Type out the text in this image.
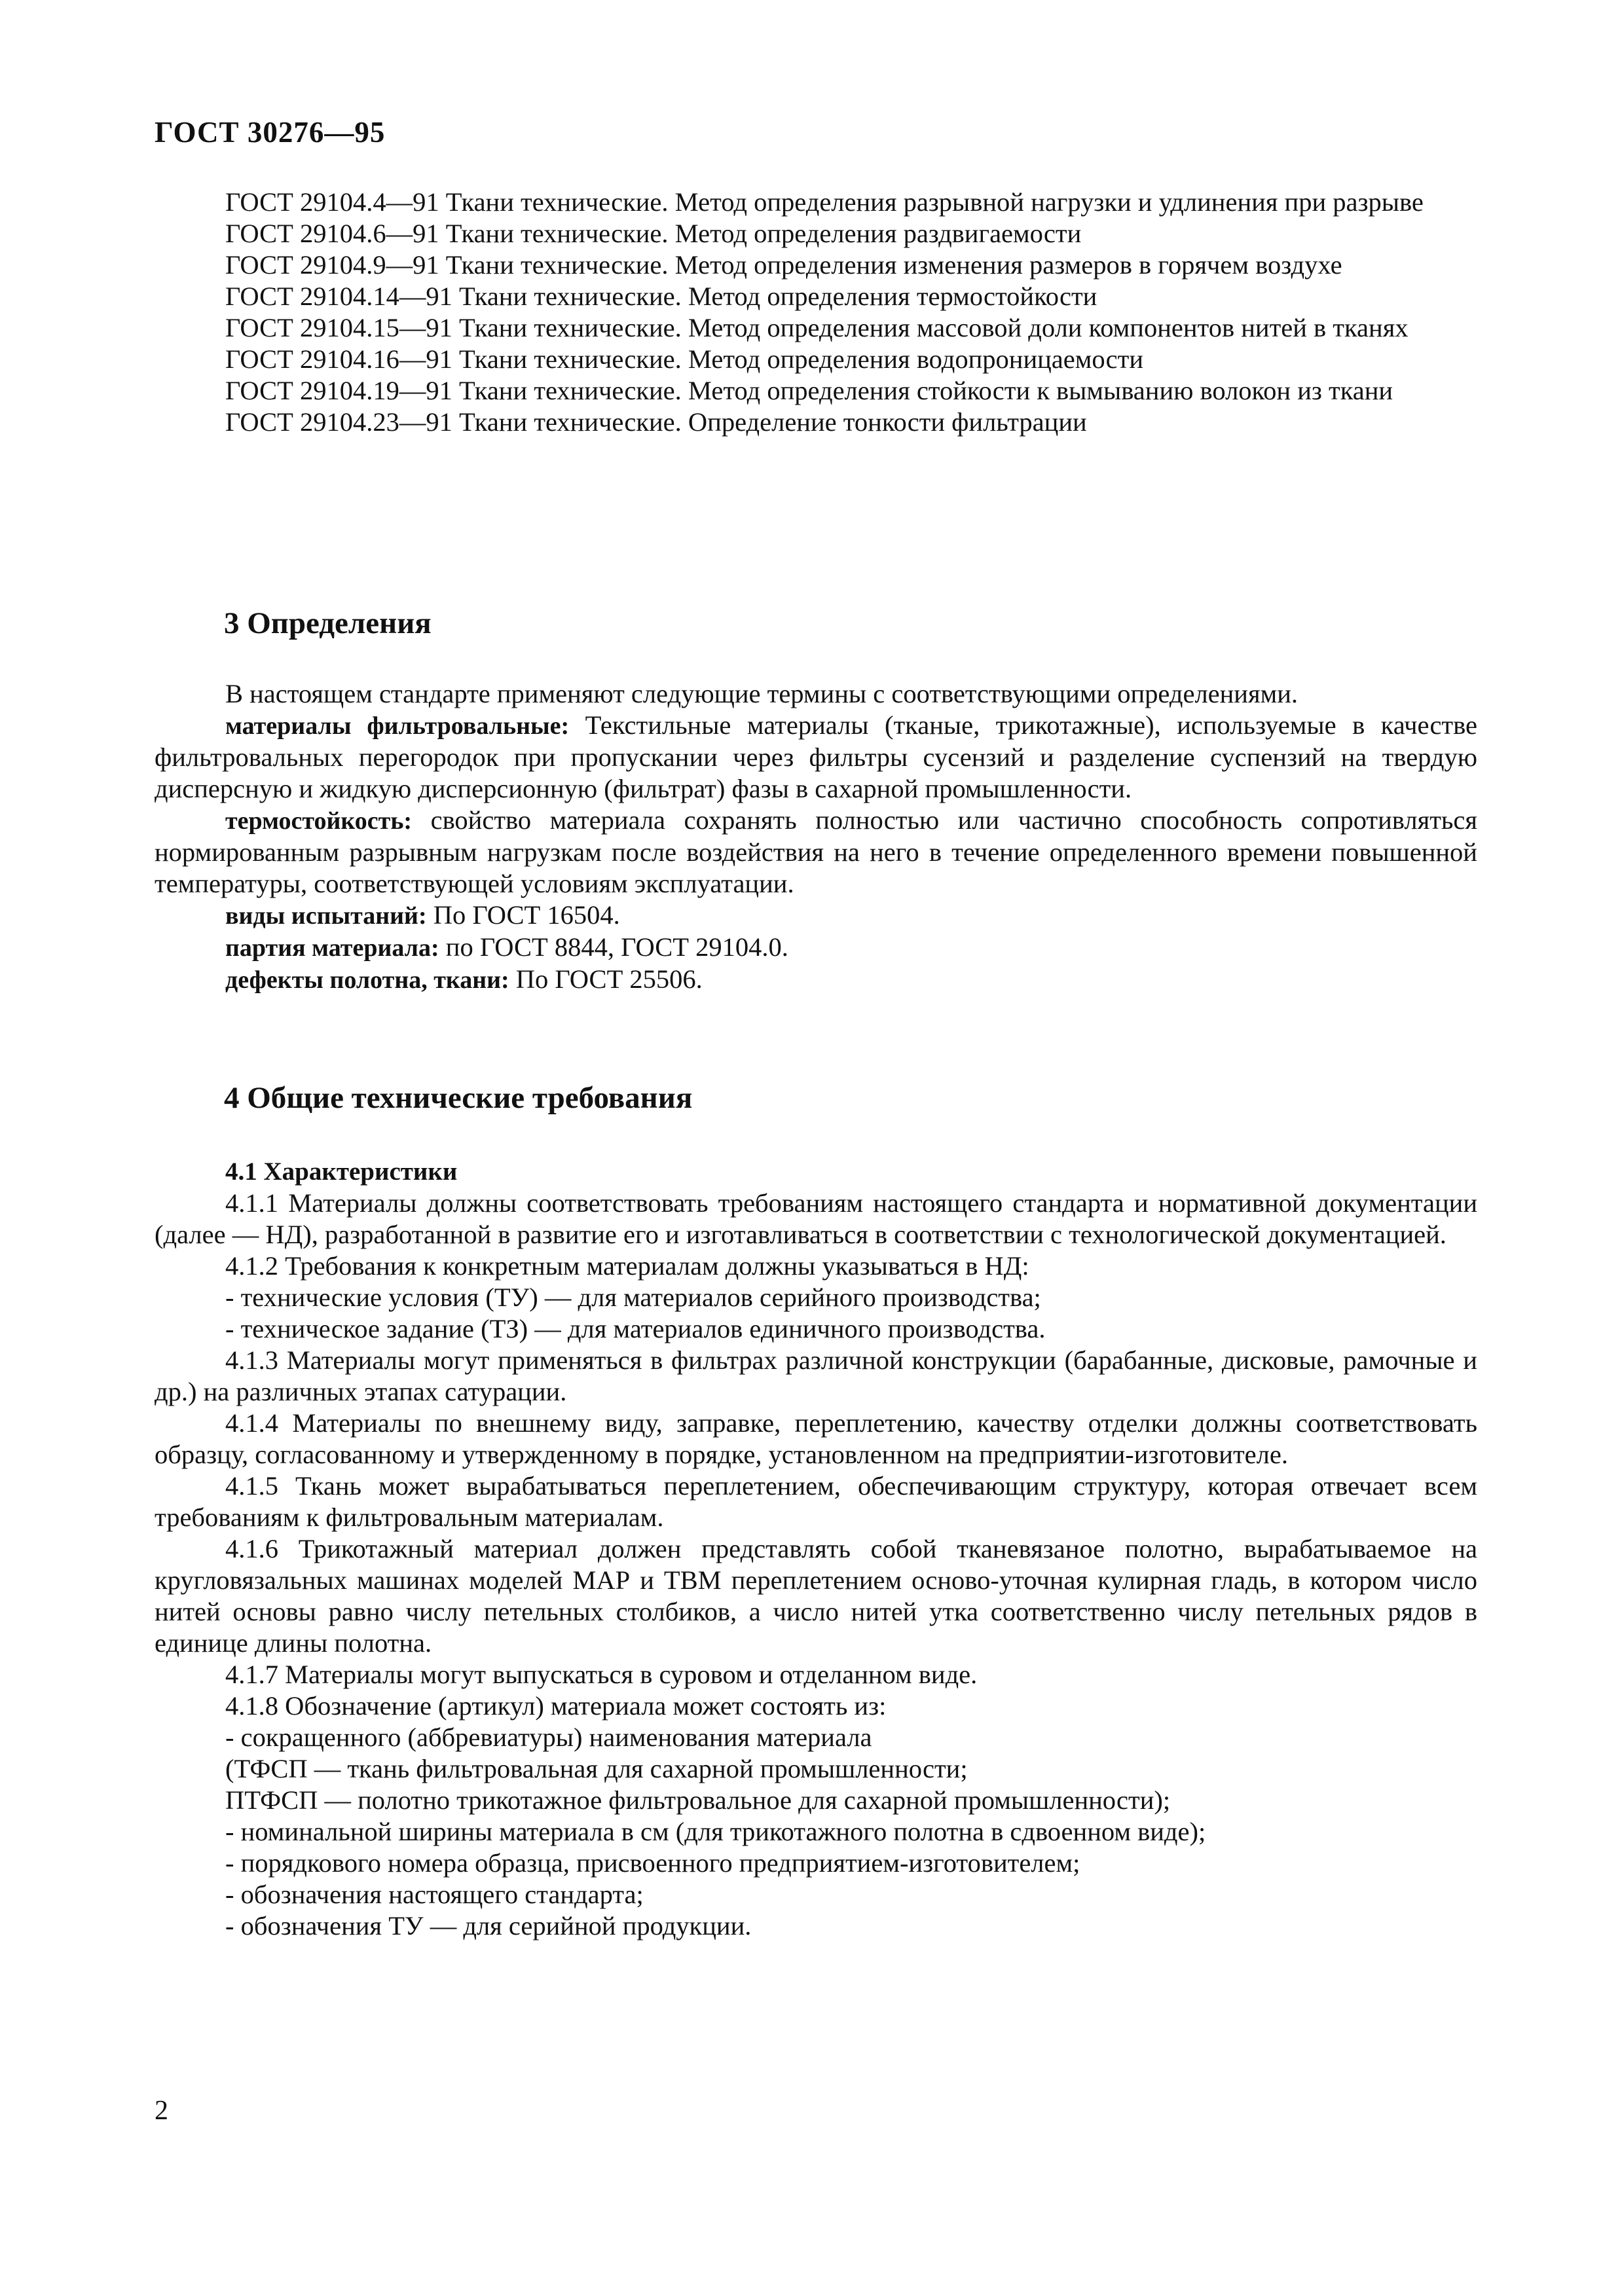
ГОСТ 30276—95

ГОСТ 29104.4—91 Ткани технические. Метод определения разрывной нагрузки и удлинения при разрыве

ГОСТ 29104.6—91 Ткани технические. Метод определения раздвигаемости

ГОСТ 29104.9—91 Ткани технические. Метод определения изменения размеров в горячем воздухе

ГОСТ 29104.14—91 Ткани технические. Метод определения термостойкости

ГОСТ 29104.15—91 Ткани технические. Метод определения массовой доли компонентов нитей в тканях

ГОСТ 29104.16—91 Ткани технические. Метод определения водопроницаемости

ГОСТ 29104.19—91 Ткани технические. Метод определения стойкости к вымыванию волокон из ткани

ГОСТ 29104.23—91 Ткани технические. Определение тонкости фильтрации

3 Определения

В настоящем стандарте применяют следующие термины с соответствующими определениями.

материалы фильтровальные: Текстильные материалы (тканые, трикотажные), используемые в качестве фильтровальных перегородок при пропускании через фильтры сусензий и разделение суспензий на твердую дисперсную и жидкую дисперсионную (фильтрат) фазы в сахарной промышленности.

термостойкость: свойство материала сохранять полностью или частично способность сопротивляться нормированным разрывным нагрузкам после воздействия на него в течение определенного времени повышенной температуры, соответствующей условиям эксплуатации.

виды испытаний: По ГОСТ 16504.

партия материала: по ГОСТ 8844, ГОСТ 29104.0.

дефекты полотна, ткани: По ГОСТ 25506.

4 Общие технические требования

4.1 Характеристики

4.1.1 Материалы должны соответствовать требованиям настоящего стандарта и нормативной документации (далее — НД), разработанной в развитие его и изготавливаться в соответствии с технологической документацией.

4.1.2 Требования к конкретным материалам должны указываться в НД:

- технические условия (ТУ) — для материалов серийного производства;

- техническое задание (ТЗ) — для материалов единичного производства.

4.1.3 Материалы могут применяться в фильтрах различной конструкции (барабанные, дисковые, рамочные и др.) на различных этапах сатурации.

4.1.4 Материалы по внешнему виду, заправке, переплетению, качеству отделки должны соответствовать образцу, согласованному и утвержденному в порядке, установленном на предприятии-изготовителе.

4.1.5 Ткань может вырабатываться переплетением, обеспечивающим структуру, которая отвечает всем требованиям к фильтровальным материалам.

4.1.6 Трикотажный материал должен представлять собой тканевязаное полотно, вырабатываемое на кругловязальных машинах моделей МАР и ТВМ переплетением осново-уточная кулирная гладь, в котором число нитей основы равно числу петельных столбиков, а число нитей утка соответственно числу петельных рядов в единице длины полотна.

4.1.7 Материалы могут выпускаться в суровом и отделанном виде.

4.1.8 Обозначение (артикул) материала может состоять из:

- сокращенного (аббревиатуры) наименования материала

(ТФСП — ткань фильтровальная для сахарной промышленности;

ПТФСП — полотно трикотажное фильтровальное для сахарной промышленности);

- номинальной ширины материала в см (для трикотажного полотна в сдвоенном виде);

- порядкового номера образца, присвоенного предприятием-изготовителем;

- обозначения настоящего стандарта;

- обозначения ТУ — для серийной продукции.

2
